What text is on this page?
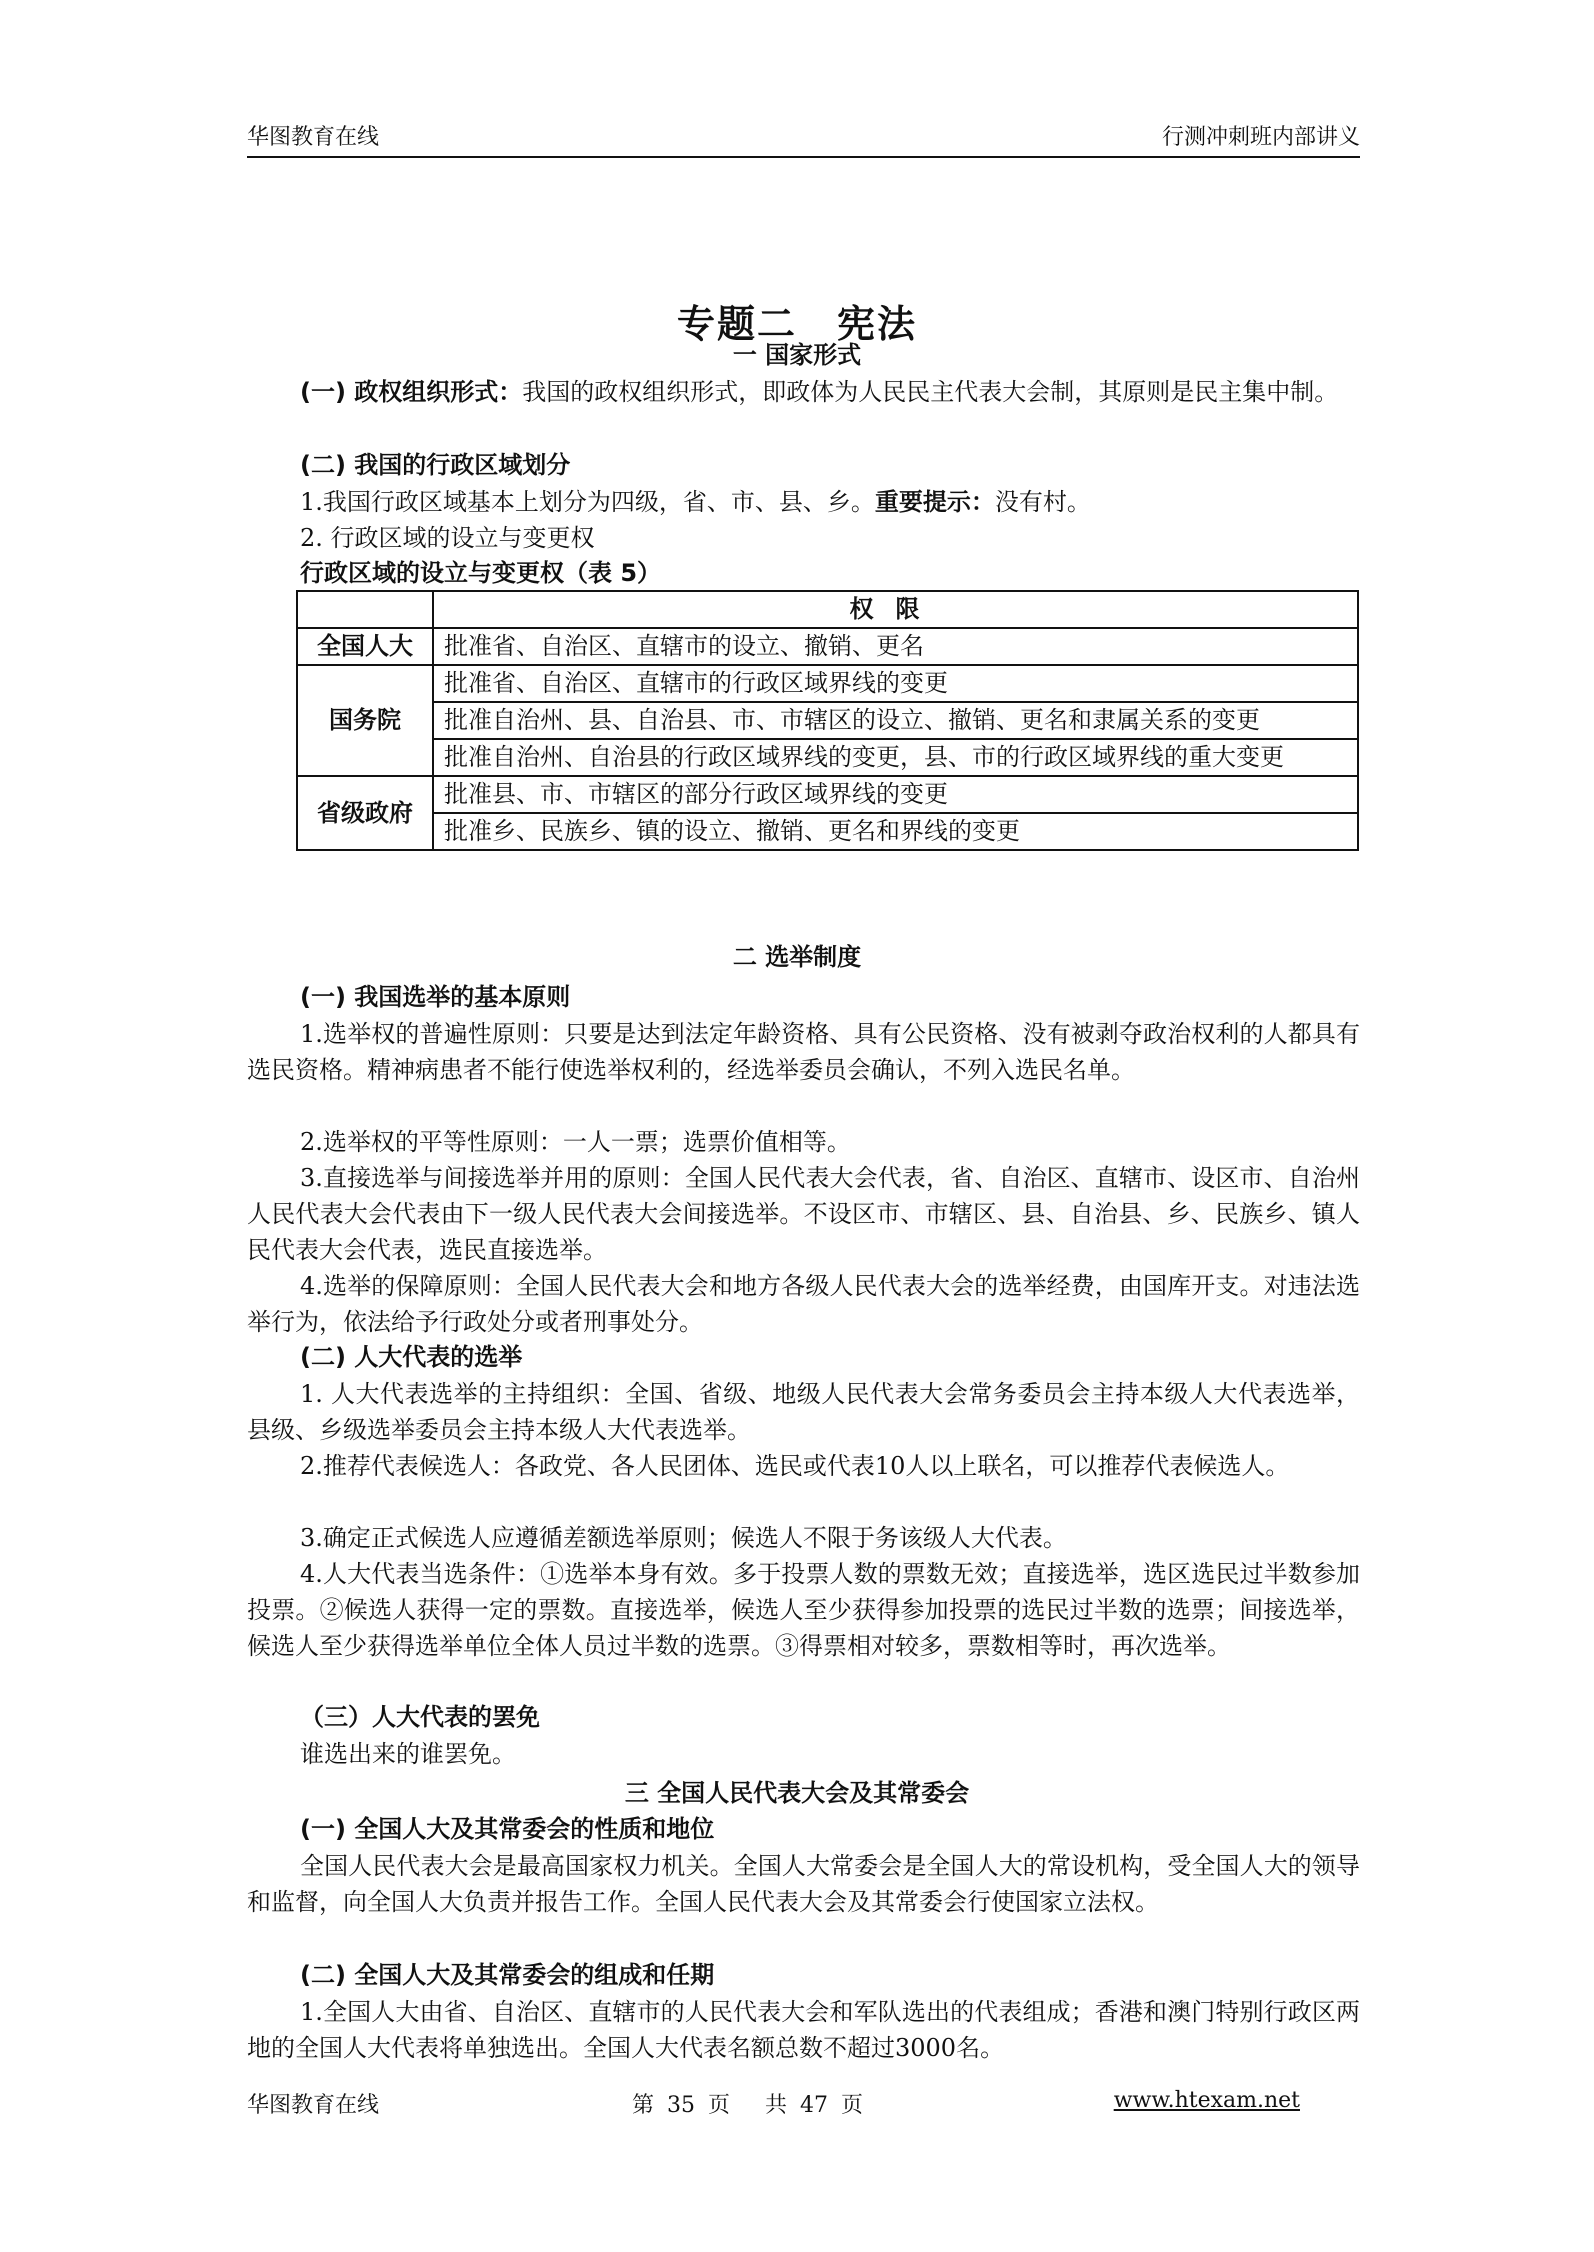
华图教育在线	行测冲刺班内部讲义
专题二　宪法
一 国家形式

(一) 政权组织形式：我国的政权组织形式，即政体为人民民主代表大会制，其原则是民主集中制。

(二) 我国的行政区域划分

1.我国行政区域基本上划分为四级，省、市、县、乡。重要提示：没有村。

2. 行政区域的设立与变更权

行政区域的设立与变更权（表 5）

	权限
全国人大	批准省、自治区、直辖市的设立、撤销、更名
国务院	批准省、自治区、直辖市的行政区域界线的变更
	批准自治州、县、自治县、市、市辖区的设立、撤销、更名和隶属关系的变更
	批准自治州、自治县的行政区域界线的变更，县、市的行政区域界线的重大变更
省级政府	批准县、市、市辖区的部分行政区域界线的变更
	批准乡、民族乡、镇的设立、撤销、更名和界线的变更
二 选举制度
(一) 我国选举的基本原则

1.选举权的普遍性原则：只要是达到法定年龄资格、具有公民资格、没有被剥夺政治权利的人都具有选民资格。精神病患者不能行使选举权利的，经选举委员会确认，不列入选民名单。

2.选举权的平等性原则：一人一票；选票价值相等。

3.直接选举与间接选举并用的原则：全国人民代表大会代表，省、自治区、直辖市、设区市、自治州人民代表大会代表由下一级人民代表大会间接选举。不设区市、市辖区、县、自治县、乡、民族乡、镇人民代表大会代表，选民直接选举。

4.选举的保障原则：全国人民代表大会和地方各级人民代表大会的选举经费，由国库开支。对违法选举行为，依法给予行政处分或者刑事处分。

(二) 人大代表的选举

1. 人大代表选举的主持组织：全国、省级、地级人民代表大会常务委员会主持本级人大代表选举，县级、乡级选举委员会主持本级人大代表选举。

2.推荐代表候选人：各政党、各人民团体、选民或代表10人以上联名，可以推荐代表候选人。

3.确定正式候选人应遵循差额选举原则；候选人不限于务该级人大代表。

4.人大代表当选条件：①选举本身有效。多于投票人数的票数无效；直接选举，选区选民过半数参加投票。②候选人获得一定的票数。直接选举，候选人至少获得参加投票的选民过半数的选票；间接选举，候选人至少获得选举单位全体人员过半数的选票。③得票相对较多，票数相等时，再次选举。

（三）人大代表的罢免

谁选出来的谁罢免。

三 全国人民代表大会及其常委会
(一) 全国人大及其常委会的性质和地位

全国人民代表大会是最高国家权力机关。全国人大常委会是全国人大的常设机构，受全国人大的领导和监督，向全国人大负责并报告工作。全国人民代表大会及其常委会行使国家立法权。

(二) 全国人大及其常委会的组成和任期

1.全国人大由省、自治区、直辖市的人民代表大会和军队选出的代表组成；香港和澳门特别行政区两地的全国人大代表将单独选出。全国人大代表名额总数不超过3000名。

华图教育在线	第 35 页　 共 47 页	www.htexam.net
